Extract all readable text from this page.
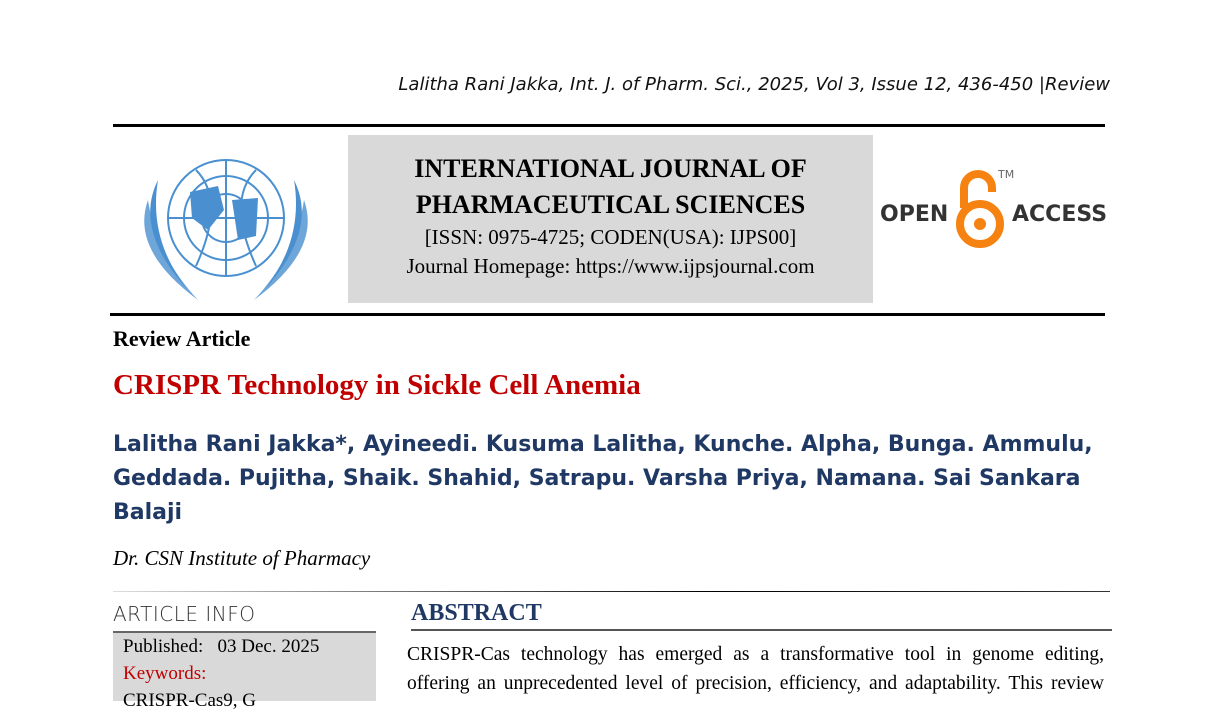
Lalitha Rani Jakka, Int. J. of Pharm. Sci., 2025, Vol 3, Issue 12, 436-450 |Review
INTERNATIONAL JOURNAL OF
PHARMACEUTICAL SCIENCES
[ISSN: 0975-4725; CODEN(USA): IJPS00]
Journal Homepage: https://www.ijpsjournal.com
OPEN
TM
ACCESS
Review Article
CRISPR Technology in Sickle Cell Anemia
Lalitha Rani Jakka*, Ayineedi. Kusuma Lalitha, Kunche. Alpha, Bunga. Ammulu,
Geddada. Pujitha, Shaik. Shahid, Satrapu. Varsha Priya, Namana. Sai Sankara
Balaji
Dr. CSN Institute of Pharmacy
ARTICLE INFO
Published: 03 Dec. 2025
Keywords:
CRISPR-Cas9, G
ABSTRACT
CRISPR-Cas technology has emerged as a transformative tool in genome editing,
offering an unprecedented level of precision, efficiency, and adaptability. This review
